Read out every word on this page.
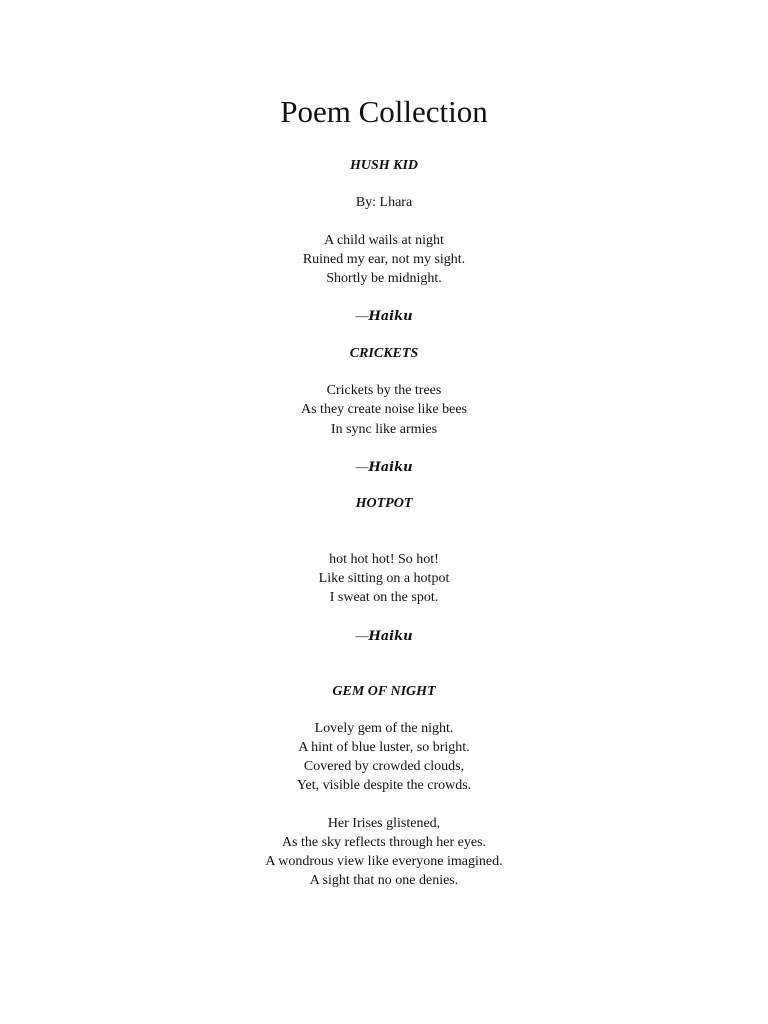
Poem Collection
HUSH KID
By: Lhara
A child wails at night
Ruined my ear, not my sight.
Shortly be midnight.
—Haiku
CRICKETS
Crickets by the trees
As they create noise like bees
In sync like armies
—Haiku
HOTPOT
hot hot hot! So hot!
Like sitting on a hotpot
I sweat on the spot.
—Haiku
GEM OF NIGHT
Lovely gem of the night.
A hint of blue luster, so bright.
Covered by crowded clouds,
Yet, visible despite the crowds.
Her Irises glistened,
As the sky reflects through her eyes.
A wondrous view like everyone imagined.
A sight that no one denies.
